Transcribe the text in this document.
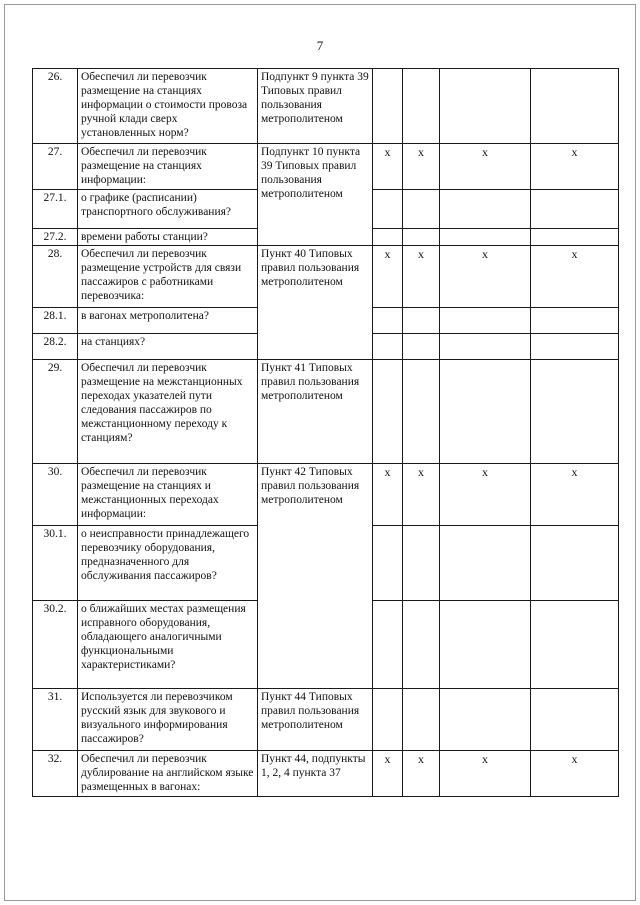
7
26.	Обеспечил ли перевозчик размещение на станциях информации о стоимости провоза ручной клади сверх установленных норм?	Подпункт 9 пункта 39 Типовых правил пользования метрополитеном				
27.	Обеспечил ли перевозчик размещение на станциях информации:	Подпункт 10 пункта 39 Типовых правил пользования метрополитеном	х	х	х	х
27.1.	о графике (расписании) транспортного обслуживания?					
27.2.	времени работы станции?					
28.	Обеспечил ли перевозчик размещение устройств для связи пассажиров с работниками перевозчика:	Пункт 40 Типовых правил пользования метрополитеном	х	х	х	х
28.1.	в вагонах метрополитена?					
28.2.	на станциях?					
29.	Обеспечил ли перевозчик размещение на межстанционных переходах указателей пути следования пассажиров по межстанционному переходу к станциям?	Пункт 41 Типовых правил пользования метрополитеном				
30.	Обеспечил ли перевозчик размещение на станциях и межстанционных переходах информации:	Пункт 42 Типовых правил пользования метрополитеном	х	х	х	х
30.1.	о неисправности принадлежащего перевозчику оборудования, предназначенного для обслуживания пассажиров?					
30.2.	о ближайших местах размещения исправного оборудования, обладающего аналогичными функциональными характеристиками?					
31.	Используется ли перевозчиком русский язык для звукового и визуального информирования пассажиров?	Пункт 44 Типовых правил пользования метрополитеном				
32.	Обеспечил ли перевозчик дублирование на английском языке размещенных в вагонах:	Пункт 44, подпункты 1, 2, 4 пункта 37	х	х	х	х
